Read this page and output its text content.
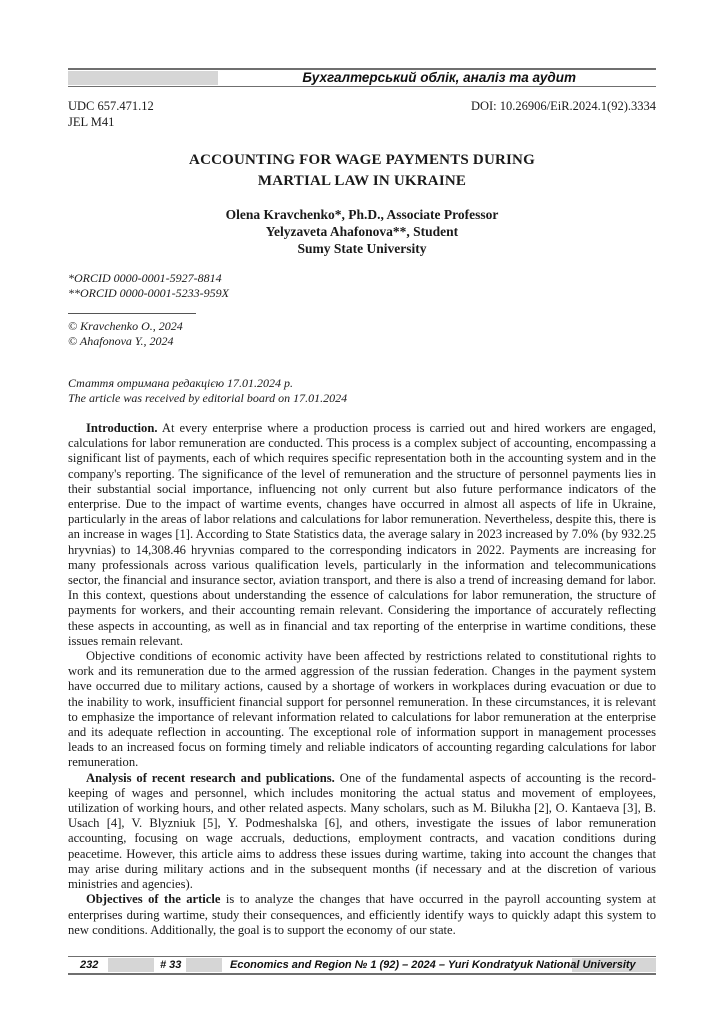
Бухгалтерський облік, аналіз та аудит
UDC 657.471.12
JEL M41
DOI: 10.26906/EiR.2024.1(92).3334
ACCOUNTING FOR WAGE PAYMENTS DURING
MARTIAL LAW IN UKRAINE
Olena Kravchenko*, Ph.D., Associate Professor
Yelyzaveta Ahafonova**, Student
Sumy State University
*ORCID 0000-0001-5927-8814
**ORCID 0000-0001-5233-959X
© Kravchenko O., 2024
© Ahafonova Y., 2024
Стаття отримана редакцією 17.01.2024 р.
The article was received by editorial board on 17.01.2024

Introduction. At every enterprise where a production process is carried out and hired workers are engaged, calculations for labor remuneration are conducted. This process is a complex subject of accounting, encompassing a significant list of payments, each of which requires specific representation both in the accounting system and in the company's reporting. The significance of the level of remuneration and the structure of personnel payments lies in their substantial social importance, influencing not only current but also future performance indicators of the enterprise. Due to the impact of wartime events, changes have occurred in almost all aspects of life in Ukraine, particularly in the areas of labor relations and calculations for labor remuneration. Nevertheless, despite this, there is an increase in wages [1]. According to State Statistics data, the average salary in 2023 increased by 7.0% (by 932.25 hryvnias) to 14,308.46 hryvnias compared to the corresponding indicators in 2022. Payments are increasing for many professionals across various qualification levels, particularly in the information and telecommunications sector, the financial and insurance sector, aviation transport, and there is also a trend of increasing demand for labor. In this context, questions about understanding the essence of calculations for labor remuneration, the structure of payments for workers, and their accounting remain relevant. Considering the importance of accurately reflecting these aspects in accounting, as well as in financial and tax reporting of the enterprise in wartime conditions, these issues remain relevant.

Objective conditions of economic activity have been affected by restrictions related to constitutional rights to work and its remuneration due to the armed aggression of the russian federation. Changes in the payment system have occurred due to military actions, caused by a shortage of workers in workplaces during evacuation or due to the inability to work, insufficient financial support for personnel remuneration. In these circumstances, it is relevant to emphasize the importance of relevant information related to calculations for labor remuneration at the enterprise and its adequate reflection in accounting. The exceptional role of information support in management processes leads to an increased focus on forming timely and reliable indicators of accounting regarding calculations for labor remuneration.

Analysis of recent research and publications. One of the fundamental aspects of accounting is the record-keeping of wages and personnel, which includes monitoring the actual status and movement of employees, utilization of working hours, and other related aspects. Many scholars, such as M. Bilukha [2], O. Kantaeva [3], B. Usach [4], V. Blyzniuk [5], Y. Podmeshalska [6], and others, investigate the issues of labor remuneration accounting, focusing on wage accruals, deductions, employment contracts, and vacation conditions during peacetime. However, this article aims to address these issues during wartime, taking into account the changes that may arise during military actions and in the subsequent months (if necessary and at the discretion of various ministries and agencies).

Objectives of the article is to analyze the changes that have occurred in the payroll accounting system at enterprises during wartime, study their consequences, and efficiently identify ways to quickly adapt this system to new conditions. Additionally, the goal is to support the economy of our state.

232	# 33	Economics and Region № 1 (92) – 2024 – Yuri Kondratyuk National University
